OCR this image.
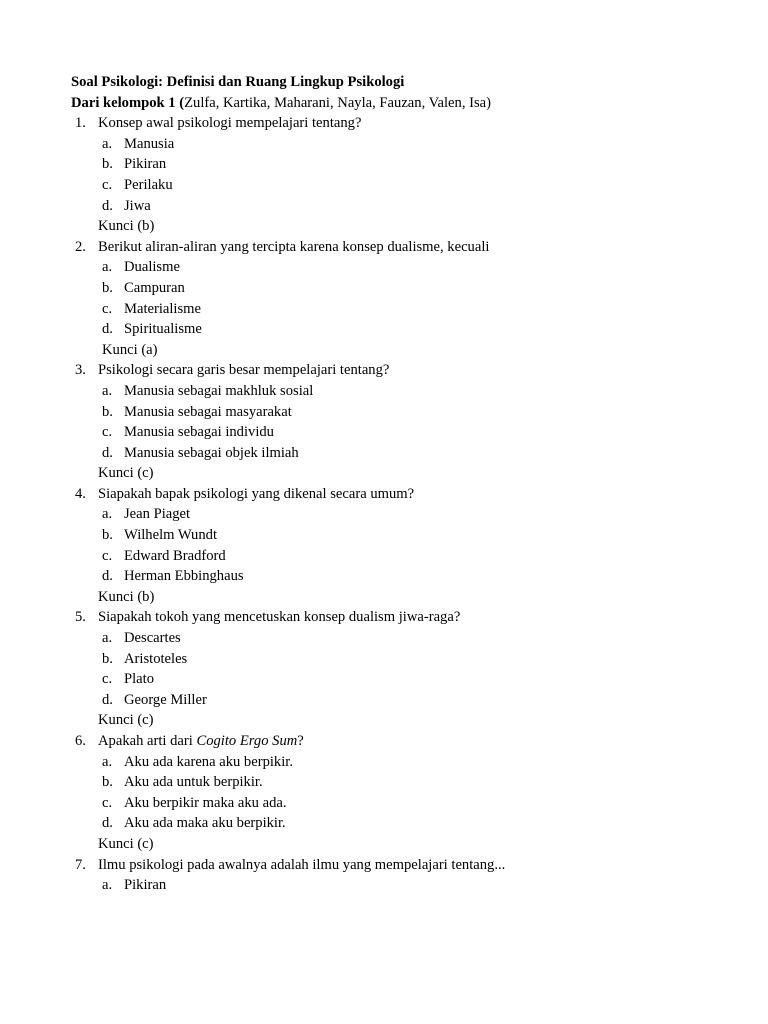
Soal Psikologi: Definisi dan Ruang Lingkup Psikologi
Dari kelompok 1 (Zulfa, Kartika, Maharani, Nayla, Fauzan, Valen, Isa)
1. Konsep awal psikologi mempelajari tentang?
a. Manusia
b. Pikiran
c. Perilaku
d. Jiwa
Kunci (b)
2. Berikut aliran-aliran yang tercipta karena konsep dualisme, kecuali
a. Dualisme
b. Campuran
c. Materialisme
d. Spiritualisme
Kunci (a)
3. Psikologi secara garis besar mempelajari tentang?
a. Manusia sebagai makhluk sosial
b. Manusia sebagai masyarakat
c. Manusia sebagai individu
d. Manusia sebagai objek ilmiah
Kunci (c)
4. Siapakah bapak psikologi yang dikenal secara umum?
a. Jean Piaget
b. Wilhelm Wundt
c. Edward Bradford
d. Herman Ebbinghaus
Kunci (b)
5. Siapakah tokoh yang mencetuskan konsep dualism jiwa-raga?
a. Descartes
b. Aristoteles
c. Plato
d. George Miller
Kunci (c)
6. Apakah arti dari Cogito Ergo Sum?
a. Aku ada karena aku berpikir.
b. Aku ada untuk berpikir.
c. Aku berpikir maka aku ada.
d. Aku ada maka aku berpikir.
Kunci (c)
7. Ilmu psikologi pada awalnya adalah ilmu yang mempelajari tentang...
a. Pikiran
